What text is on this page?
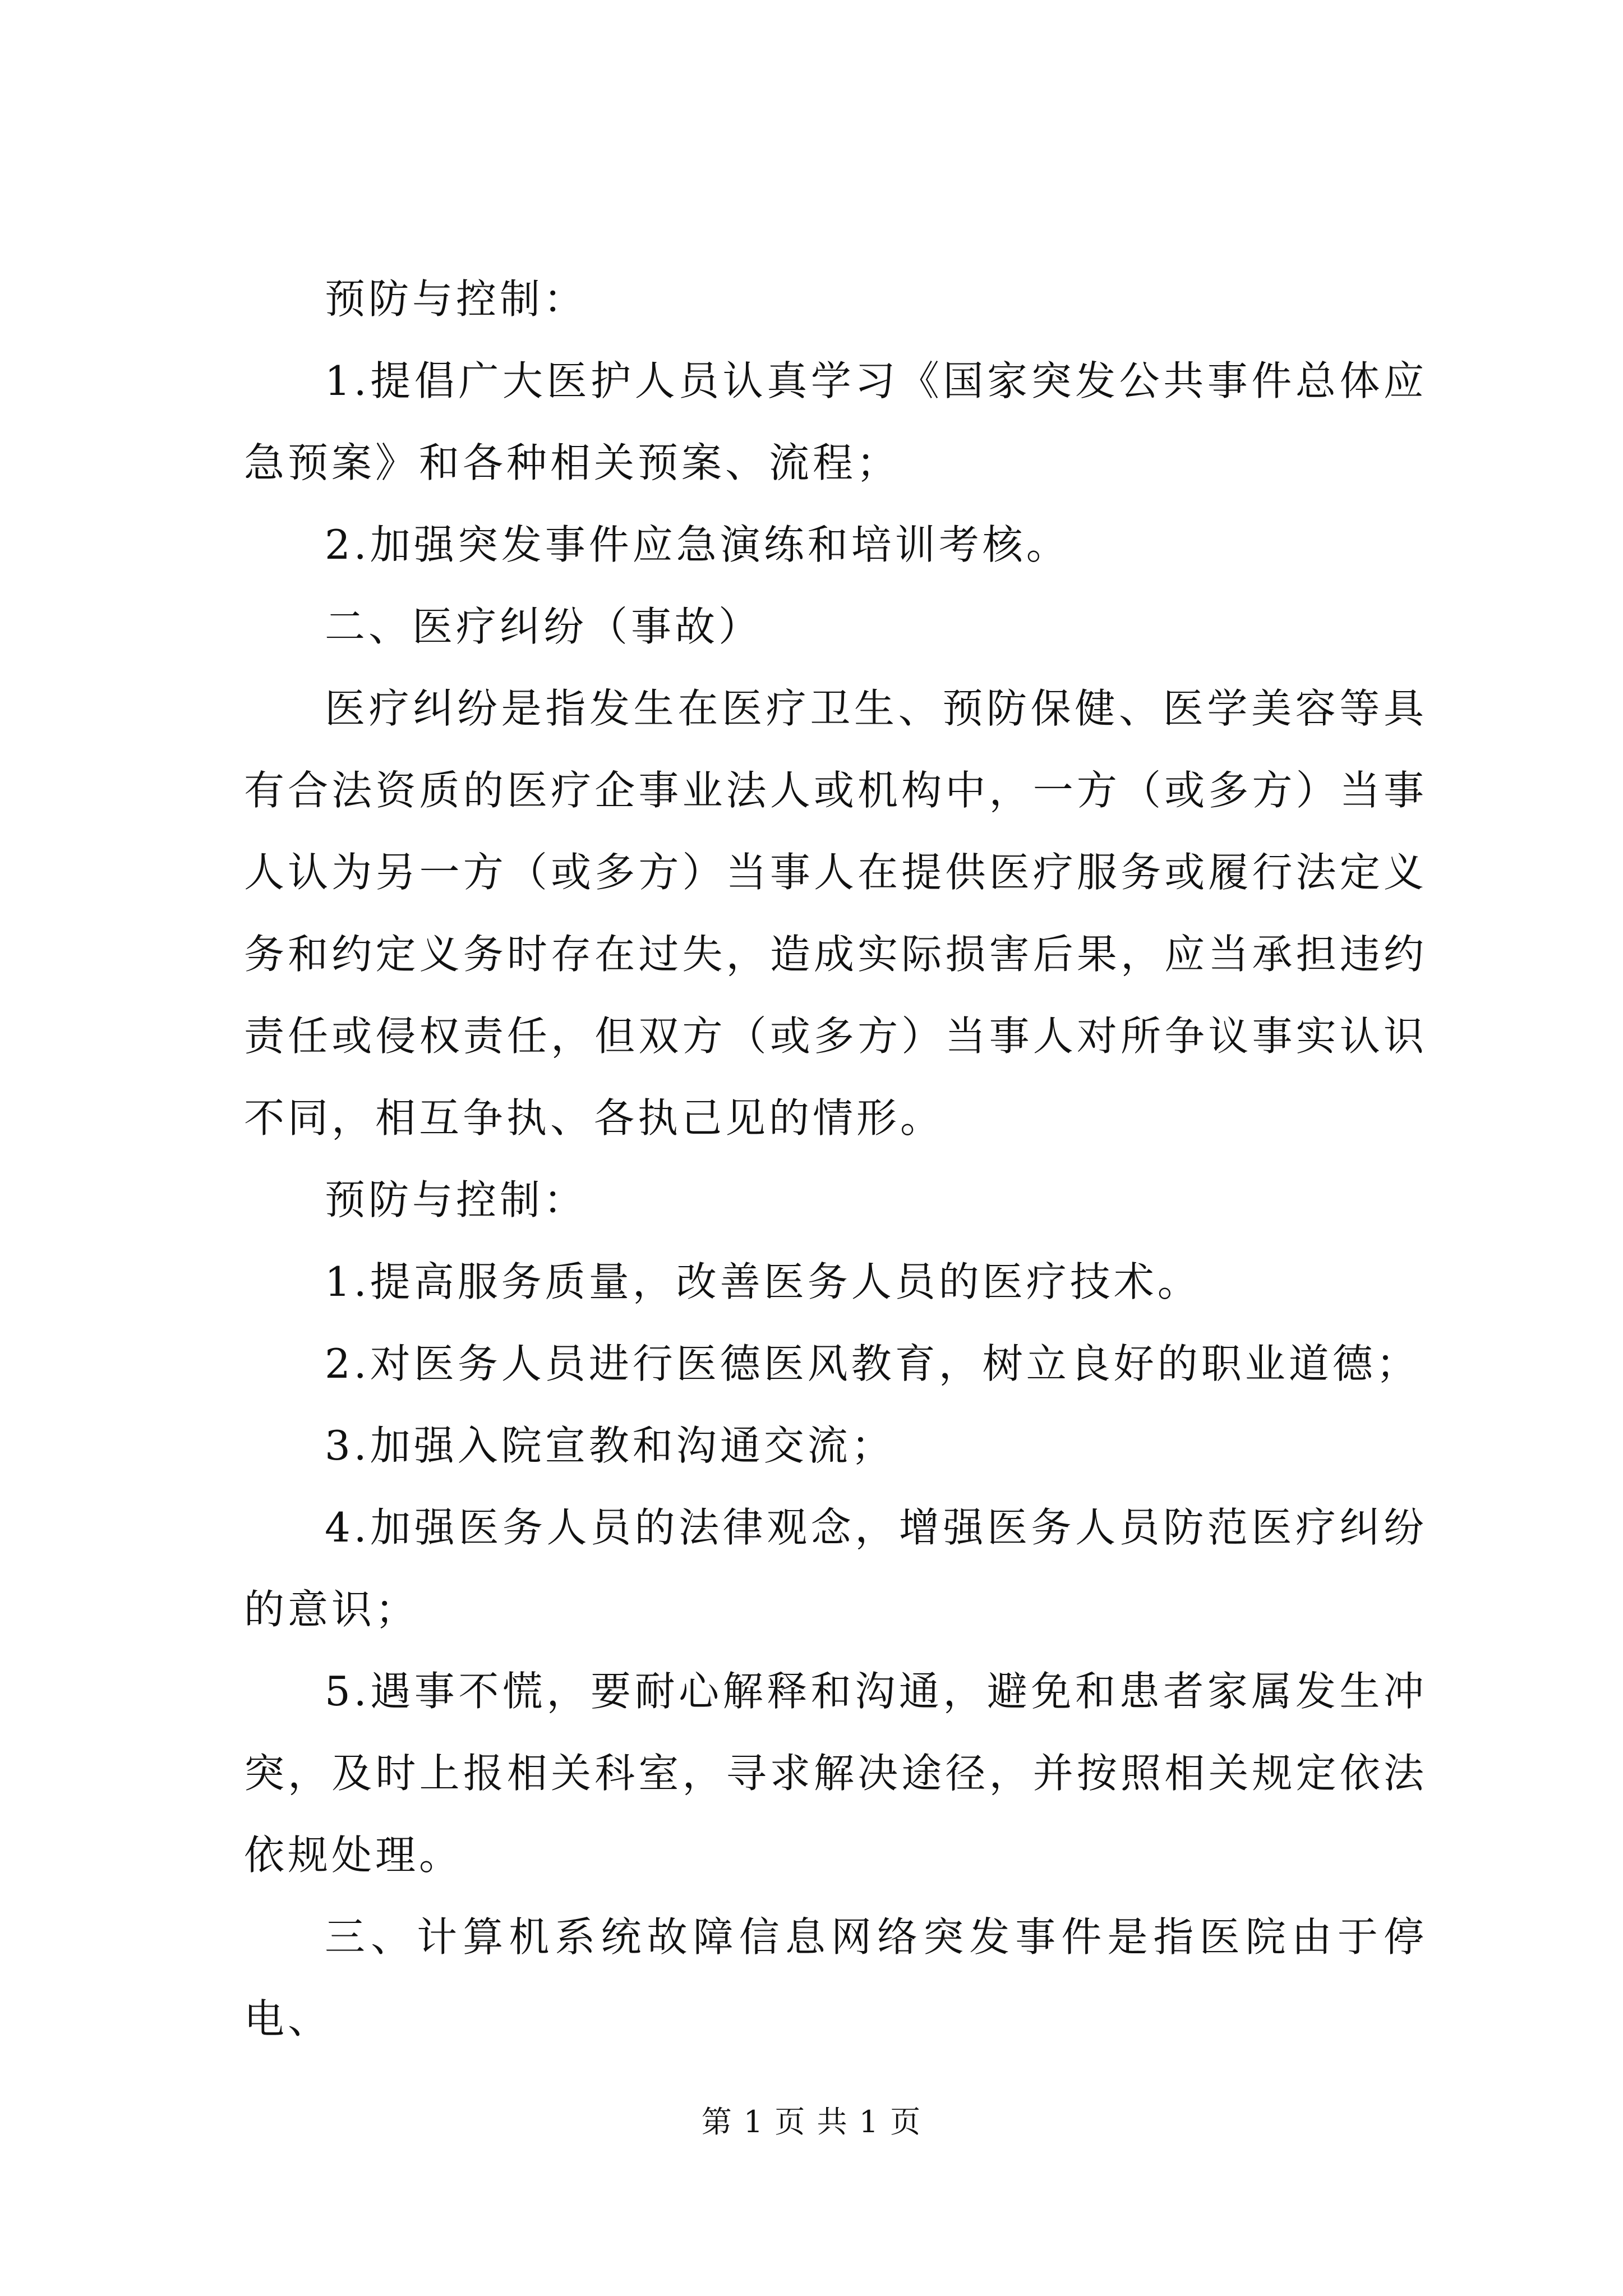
预防与控制：

1.提倡广大医护人员认真学习《国家突发公共事件总体应急预案》和各种相关预案、流程；

2.加强突发事件应急演练和培训考核。

二、医疗纠纷（事故）

医疗纠纷是指发生在医疗卫生、预防保健、医学美容等具有合法资质的医疗企事业法人或机构中，一方（或多方）当事人认为另一方（或多方）当事人在提供医疗服务或履行法定义务和约定义务时存在过失，造成实际损害后果，应当承担违约责任或侵权责任，但双方（或多方）当事人对所争议事实认识不同，相互争执、各执己见的情形。

预防与控制：

1.提高服务质量，改善医务人员的医疗技术。

2.对医务人员进行医德医风教育，树立良好的职业道德；

3.加强入院宣教和沟通交流；

4.加强医务人员的法律观念，增强医务人员防范医疗纠纷的意识；

5.遇事不慌，要耐心解释和沟通，避免和患者家属发生冲突，及时上报相关科室，寻求解决途径，并按照相关规定依法依规处理。

三、计算机系统故障信息网络突发事件是指医院由于停电、

第 1 页 共 1 页
